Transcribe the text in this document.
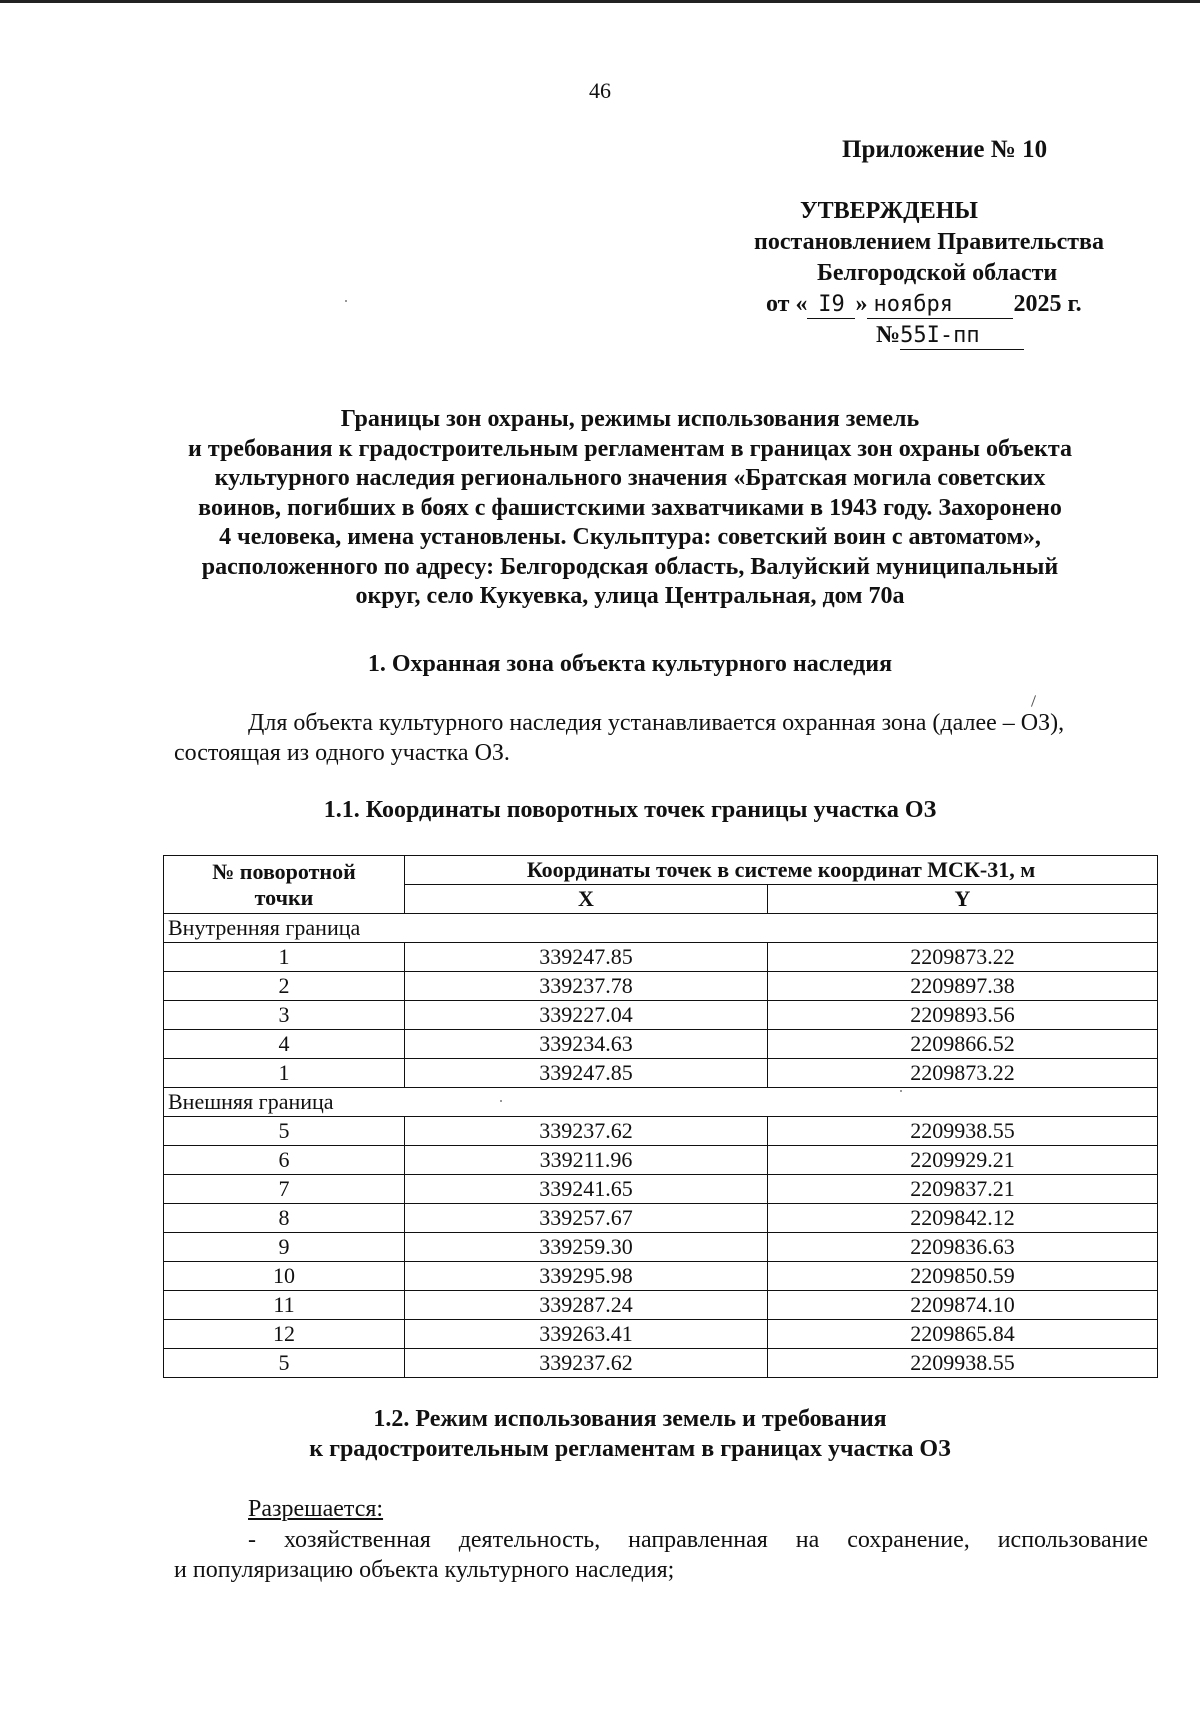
46
Приложение № 10
УТВЕРЖДЕНЫ
постановлением Правительства
Белгородской области
от « I9 » ноября	2025 г.
№55I-пп
Границы зон охраны, режимы использования земель
и требования к градостроительным регламентам в границах зон охраны объекта
культурного наследия регионального значения «Братская могила советских
воинов, погибших в боях с фашистскими захватчиками в 1943 году. Захоронено
4 человека, имена установлены. Скульптура: советский воин с автоматом»,
расположенного по адресу: Белгородская область, Валуйский муниципальный
округ, село Кукуевка, улица Центральная, дом 70а
1. Охранная зона объекта культурного наследия
Для объекта культурного наследия устанавливается охранная зона (далее – ОЗ),
состоящая из одного участка ОЗ.
1.1. Координаты поворотных точек границы участка ОЗ
№ поворотной
точки	Координаты точек в системе координат МСК-31, м	
	X	Y
Внутренняя граница		
1	339247.85	2209873.22
2	339237.78	2209897.38
3	339227.04	2209893.56
4	339234.63	2209866.52
1	339247.85	2209873.22
Внешняя граница		
5	339237.62	2209938.55
6	339211.96	2209929.21
7	339241.65	2209837.21
8	339257.67	2209842.12
9	339259.30	2209836.63
10	339295.98	2209850.59
11	339287.24	2209874.10
12	339263.41	2209865.84
5	339237.62	2209938.55
1.2. Режим использования земель и требования
к градостроительным регламентам в границах участка ОЗ
Разрешается:
- хозяйственная деятельность, направленная на сохранение, использование
и популяризацию объекта культурного наследия;
